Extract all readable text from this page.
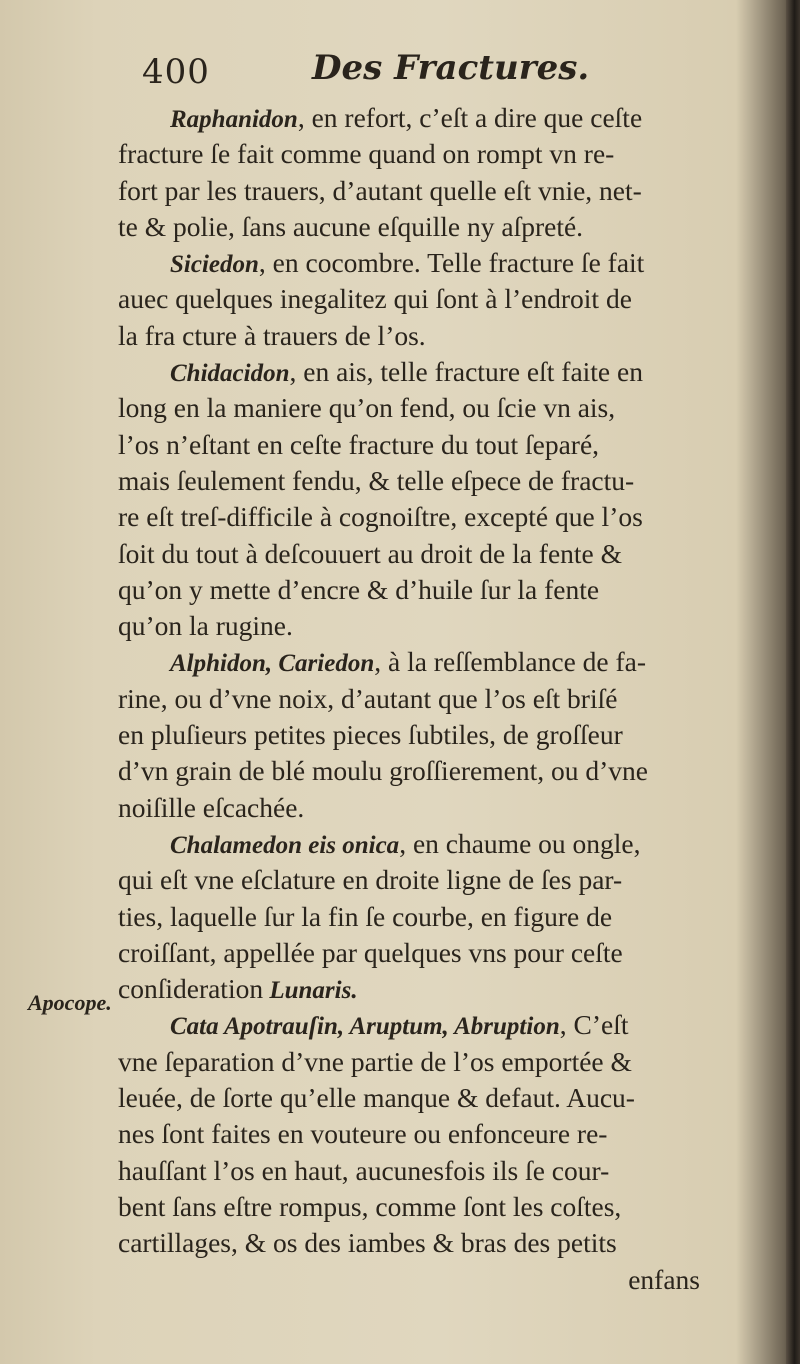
400	Des Fractures.
Apocope.
Raphanidon, en refort, c’eſt a dire que ceſte
fracture ſe fait comme quand on rompt vn re-
fort par les trauers, d’autant quelle eſt vnie, net-
te & polie, ſans aucune eſquille ny aſpreté.
Siciedon, en cocombre. Telle fracture ſe fait
auec quelques inegalitez qui ſont à l’endroit de
la fra cture à trauers de l’os.
Chidacidon, en ais, telle fracture eſt faite en
long en la maniere qu’on fend, ou ſcie vn ais,
l’os n’eſtant en ceſte fracture du tout ſeparé,
mais ſeulement fendu, & telle eſpece de fractu-
re eſt treſ-difficile à cognoiſtre, excepté que l’os
ſoit du tout à deſcouuert au droit de la fente &
qu’on y mette d’encre & d’huile ſur la fente
qu’on la rugine.
Alphidon, Cariedon, à la reſſemblance de fa-
rine, ou d’vne noix, d’autant que l’os eſt briſé
en pluſieurs petites pieces ſubtiles, de groſſeur
d’vn grain de blé moulu groſſierement, ou d’vne
noiſille eſcachée.
Chalamedon eis onica, en chaume ou ongle,
qui eſt vne eſclature en droite ligne de ſes par-
ties, laquelle ſur la fin ſe courbe, en figure de
croiſſant, appellée par quelques vns pour ceſte
conſideration Lunaris.
Cata Apotrauſin, Aruptum, Abruption, C’eſt
vne ſeparation d’vne partie de l’os emportée &
leuée, de ſorte qu’elle manque & defaut. Aucu-
nes ſont faites en vouteure ou enfonceure re-
hauſſant l’os en haut, aucunesfois ils ſe cour-
bent ſans eſtre rompus, comme ſont les coſtes,
cartillages, & os des iambes & bras des petits
enfans
